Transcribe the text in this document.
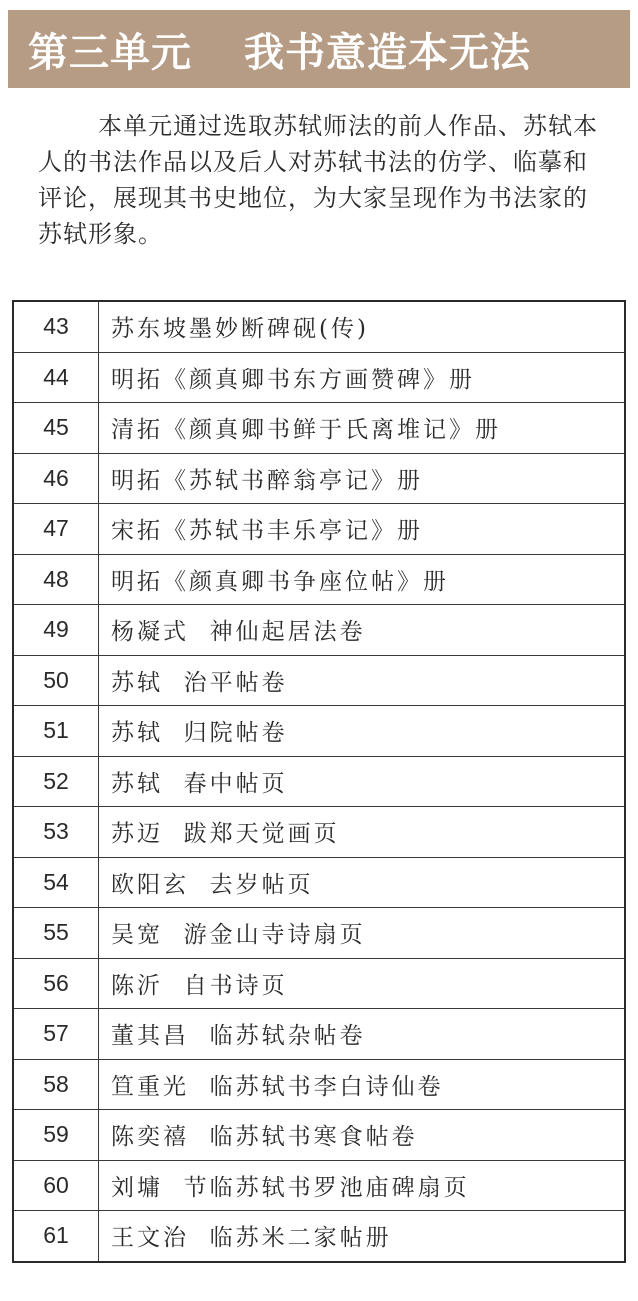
第三单元 我书意造本无法

本单元通过选取苏轼师法的前人作品、苏轼本人的书法作品以及后人对苏轼书法的仿学、临摹和评论，展现其书史地位，为大家呈现作为书法家的苏轼形象。

43	苏东坡墨妙断碑砚(传)
44	明拓《颜真卿书东方画赞碑》册
45	清拓《颜真卿书鲜于氏离堆记》册
46	明拓《苏轼书醉翁亭记》册
47	宋拓《苏轼书丰乐亭记》册
48	明拓《颜真卿书争座位帖》册
49	杨凝式  神仙起居法卷
50	苏轼  治平帖卷
51	苏轼  归院帖卷
52	苏轼  春中帖页
53	苏迈  跋郑天觉画页
54	欧阳玄  去岁帖页
55	吴宽  游金山寺诗扇页
56	陈沂  自书诗页
57	董其昌  临苏轼杂帖卷
58	笪重光  临苏轼书李白诗仙卷
59	陈奕禧  临苏轼书寒食帖卷
60	刘墉  节临苏轼书罗池庙碑扇页
61	王文治  临苏米二家帖册
